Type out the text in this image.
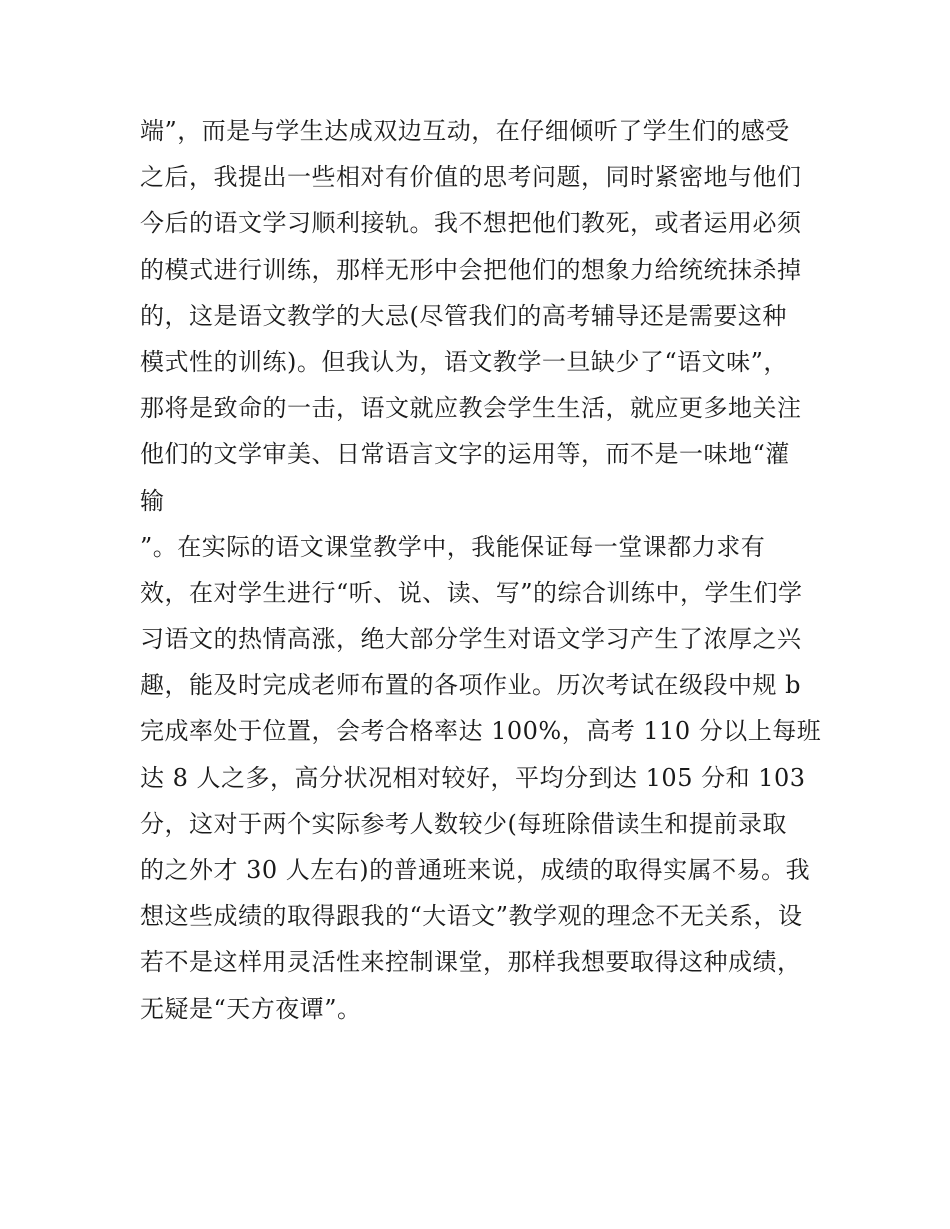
端”，而是与学生达成双边互动，在仔细倾听了学生们的感受
之后，我提出一些相对有价值的思考问题，同时紧密地与他们
今后的语文学习顺利接轨。我不想把他们教死，或者运用必须
的模式进行训练，那样无形中会把他们的想象力给统统抹杀掉
的，这是语文教学的大忌(尽管我们的高考辅导还是需要这种
模式性的训练)。但我认为，语文教学一旦缺少了“语文味”，
那将是致命的一击，语文就应教会学生生活，就应更多地关注
他们的文学审美、日常语言文字的运用等，而不是一味地“灌
输
”。在实际的语文课堂教学中，我能保证每一堂课都力求有
效，在对学生进行“听、说、读、写”的综合训练中，学生们学
习语文的热情高涨，绝大部分学生对语文学习产生了浓厚之兴
趣，能及时完成老师布置的各项作业。历次考试在级段中规 b
完成率处于位置，会考合格率达 100%，高考 110 分以上每班
达 8 人之多，高分状况相对较好，平均分到达 105 分和 103
分，这对于两个实际参考人数较少(每班除借读生和提前录取
的之外才 30 人左右)的普通班来说，成绩的取得实属不易。我
想这些成绩的取得跟我的“大语文”教学观的理念不无关系，设
若不是这样用灵活性来控制课堂，那样我想要取得这种成绩，
无疑是“天方夜谭”。
